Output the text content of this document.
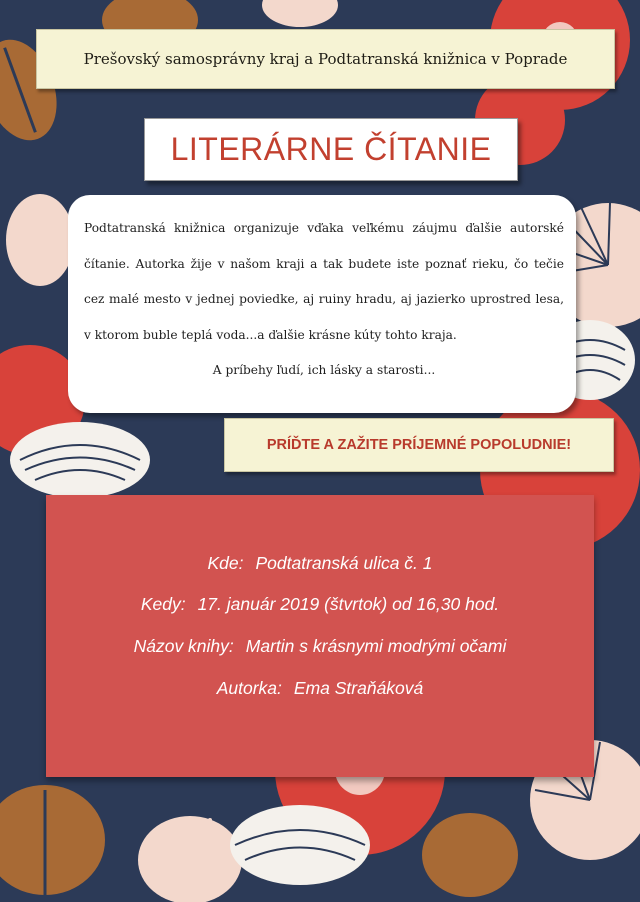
Prešovský samosprávny kraj a Podtatranská knižnica v Poprade
LITERÁRNE ČÍTANIE
Podtatranská knižnica organizuje vďaka veľkému záujmu ďalšie autorské čítanie. Autorka žije v našom kraji a tak budete iste poznať rieku, čo tečie cez malé mesto v jednej poviedke, aj ruiny hradu, aj jazierko uprostred lesa, v ktorom buble teplá voda...a ďalšie krásne kúty tohto kraja.
A príbehy ľudí, ich lásky a starosti...
PRÍĎTE A ZAŽITE PRÍJEMNÉ POPOLUDNIE!
Kde: Podtatranská ulica č. 1
Kedy: 17. január 2019 (štvrtok) od 16,30 hod.
Názov knihy: Martin s krásnymi modrými očami
Autorka: Ema Straňáková
